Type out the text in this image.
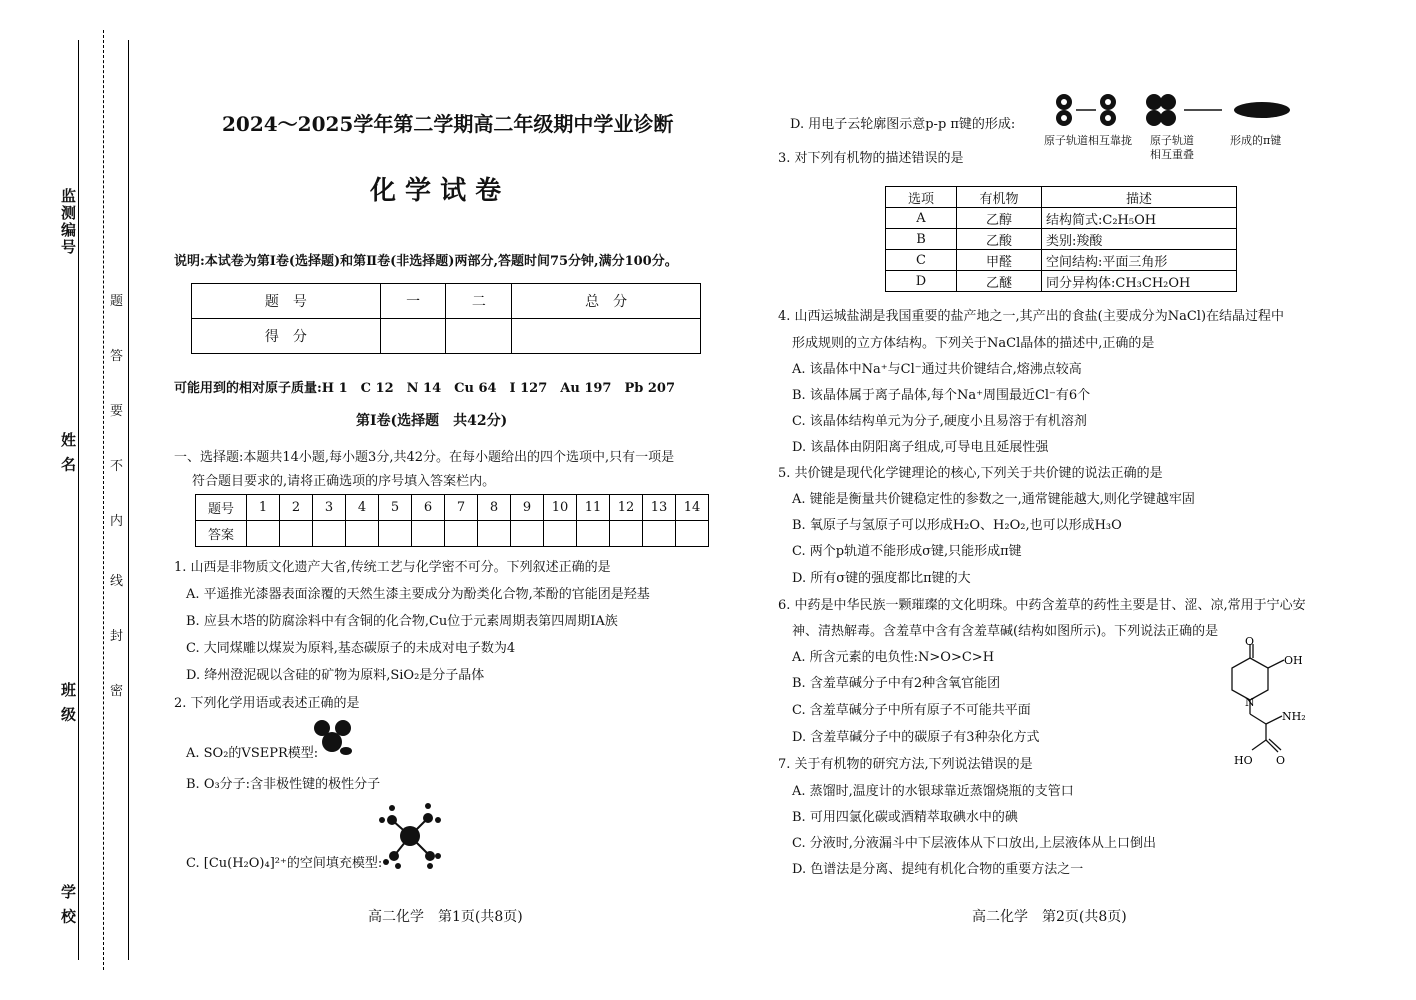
监测编号
姓 名
班 级
学 校
题
答
要
不
内
线
封
密
2024～2025学年第二学期高二年级期中学业诊断
化 学 试 卷
说明:本试卷为第Ⅰ卷(选择题)和第Ⅱ卷(非选择题)两部分,答题时间75分钟,满分100分。
题　号	一	二	总　分
得　分			
可能用到的相对原子质量:H 1　C 12　N 14　Cu 64　I 127　Au 197　Pb 207
第Ⅰ卷(选择题　共42分)
一、选择题:本题共14小题,每小题3分,共42分。在每小题给出的四个选项中,只有一项是
符合题目要求的,请将正确选项的序号填入答案栏内。
题号	1	2	3	4	5	6	7	8	9	10	11	12	13	14
答案														
1. 山西是非物质文化遗产大省,传统工艺与化学密不可分。下列叙述正确的是
A. 平遥推光漆器表面涂覆的天然生漆主要成分为酚类化合物,苯酚的官能团是羟基
B. 应县木塔的防腐涂料中有含铜的化合物,Cu位于元素周期表第四周期ⅠA族
C. 大同煤雕以煤炭为原料,基态碳原子的未成对电子数为4
D. 绛州澄泥砚以含硅的矿物为原料,SiO₂是分子晶体
2. 下列化学用语或表述正确的是
A. SO₂的VSEPR模型:
B. O₃分子:含非极性键的极性分子
C. [Cu(H₂O)₄]²⁺的空间填充模型:
高二化学　第1页(共8页)
D. 用电子云轮廓图示意p-p π键的形成:
原子轨道相互靠拢 原子轨道
相互重叠
形成的π键
3. 对下列有机物的描述错误的是
选项	有机物	描述
A	乙醇	结构简式:C₂H₅OH
B	乙酸	类别:羧酸
C	甲醛	空间结构:平面三角形
D	乙醚	同分异构体:CH₃CH₂OH
4. 山西运城盐湖是我国重要的盐产地之一,其产出的食盐(主要成分为NaCl)在结晶过程中
形成规则的立方体结构。下列关于NaCl晶体的描述中,正确的是
A. 该晶体中Na⁺与Cl⁻通过共价键结合,熔沸点较高
B. 该晶体属于离子晶体,每个Na⁺周围最近Cl⁻有6个
C. 该晶体结构单元为分子,硬度小且易溶于有机溶剂
D. 该晶体由阴阳离子组成,可导电且延展性强
5. 共价键是现代化学键理论的核心,下列关于共价键的说法正确的是
A. 键能是衡量共价键稳定性的参数之一,通常键能越大,则化学键越牢固
B. 氧原子与氢原子可以形成H₂O、H₂O₂,也可以形成H₃O
C. 两个p轨道不能形成σ键,只能形成π键
D. 所有σ键的强度都比π键的大
6. 中药是中华民族一颗璀璨的文化明珠。中药含羞草的药性主要是甘、涩、凉,常用于宁心安
神、清热解毒。含羞草中含有含羞草碱(结构如图所示)。下列说法正确的是
A. 所含元素的电负性:N>O>C>H
B. 含羞草碱分子中有2种含氧官能团
C. 含羞草碱分子中所有原子不可能共平面
D. 含羞草碱分子中的碳原子有3种杂化方式
7. 关于有机物的研究方法,下列说法错误的是
A. 蒸馏时,温度计的水银球靠近蒸馏烧瓶的支管口
B. 可用四氯化碳或酒精萃取碘水中的碘
C. 分液时,分液漏斗中下层液体从下口放出,上层液体从上口倒出
D. 色谱法是分离、提纯有机化合物的重要方法之一
O
OH
N
NH₂
HO O
高二化学　第2页(共8页)
